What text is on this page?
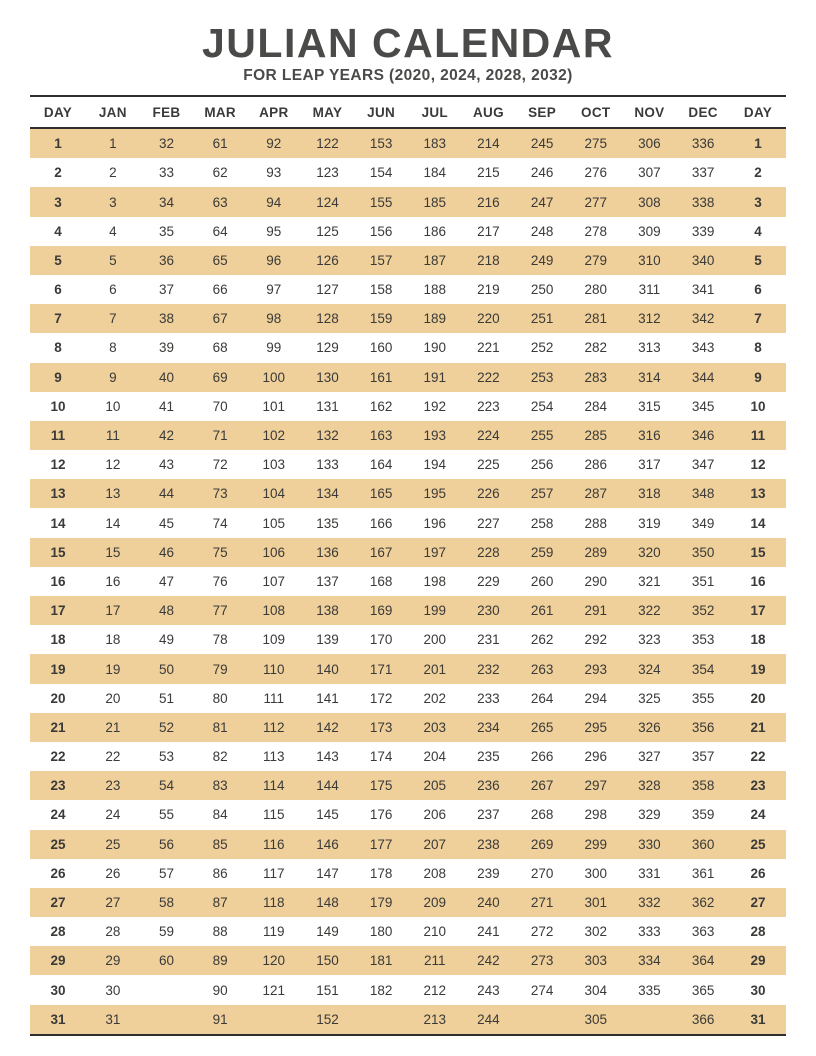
JULIAN CALENDAR
FOR LEAP YEARS (2020, 2024, 2028, 2032)
DAY	JAN	FEB	MAR	APR	MAY	JUN	JUL	AUG	SEP	OCT	NOV	DEC	DAY
1	1	32	61	92	122	153	183	214	245	275	306	336	1
2	2	33	62	93	123	154	184	215	246	276	307	337	2
3	3	34	63	94	124	155	185	216	247	277	308	338	3
4	4	35	64	95	125	156	186	217	248	278	309	339	4
5	5	36	65	96	126	157	187	218	249	279	310	340	5
6	6	37	66	97	127	158	188	219	250	280	311	341	6
7	7	38	67	98	128	159	189	220	251	281	312	342	7
8	8	39	68	99	129	160	190	221	252	282	313	343	8
9	9	40	69	100	130	161	191	222	253	283	314	344	9
10	10	41	70	101	131	162	192	223	254	284	315	345	10
11	11	42	71	102	132	163	193	224	255	285	316	346	11
12	12	43	72	103	133	164	194	225	256	286	317	347	12
13	13	44	73	104	134	165	195	226	257	287	318	348	13
14	14	45	74	105	135	166	196	227	258	288	319	349	14
15	15	46	75	106	136	167	197	228	259	289	320	350	15
16	16	47	76	107	137	168	198	229	260	290	321	351	16
17	17	48	77	108	138	169	199	230	261	291	322	352	17
18	18	49	78	109	139	170	200	231	262	292	323	353	18
19	19	50	79	110	140	171	201	232	263	293	324	354	19
20	20	51	80	111	141	172	202	233	264	294	325	355	20
21	21	52	81	112	142	173	203	234	265	295	326	356	21
22	22	53	82	113	143	174	204	235	266	296	327	357	22
23	23	54	83	114	144	175	205	236	267	297	328	358	23
24	24	55	84	115	145	176	206	237	268	298	329	359	24
25	25	56	85	116	146	177	207	238	269	299	330	360	25
26	26	57	86	117	147	178	208	239	270	300	331	361	26
27	27	58	87	118	148	179	209	240	271	301	332	362	27
28	28	59	88	119	149	180	210	241	272	302	333	363	28
29	29	60	89	120	150	181	211	242	273	303	334	364	29
30	30		90	121	151	182	212	243	274	304	335	365	30
31	31		91		152		213	244		305		366	31
